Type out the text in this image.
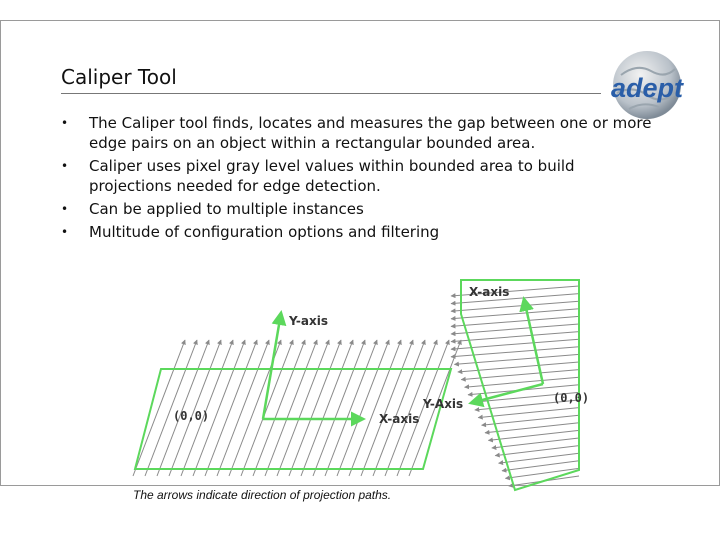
Caliper Tool	adept
• The Caliper tool finds, locates and measures the gap between one or more edge pairs on an object within a rectangular bounded area.
• Caliper uses pixel gray level values within bounded area to build projections needed for edge detection.
• Can be applied to multiple instances
• Multitude of configuration options and filtering
Y-axis
X-axis
(0,0)
X-axis
Y-Axis	(0,0)
The arrows indicate direction of projection paths.
